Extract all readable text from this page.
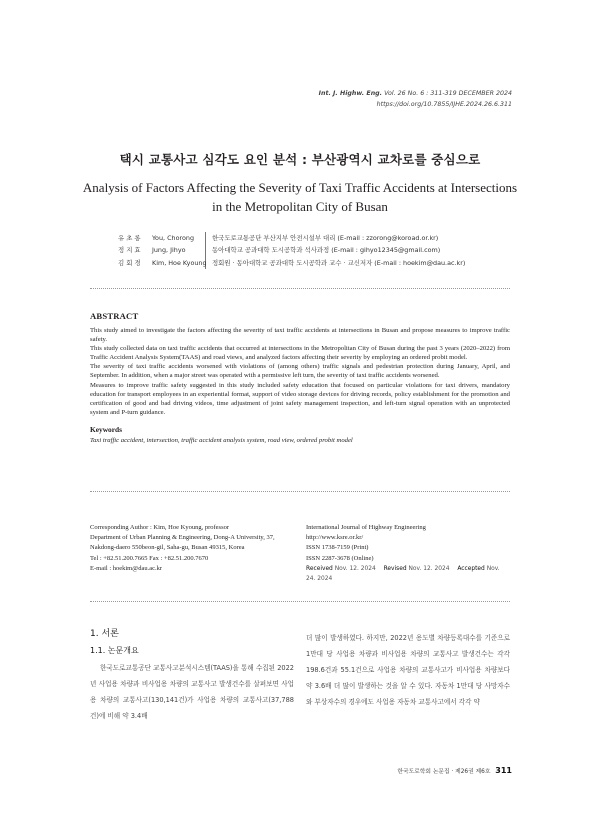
Int. J. Highw. Eng. Vol. 26 No. 6 : 311-319 DECEMBER 2024
https://doi.org/10.7855/IJHE.2024.26.6.311
택시 교통사고 심각도 요인 분석 : 부산광역시 교차로를 중심으로
Analysis of Factors Affecting the Severity of Taxi Traffic Accidents at Intersections
in the Metropolitan City of Busan
유 초 롱	You, Chorong	한국도로교통공단 부산지부 안전시설부 대리 (E-mail : zzorong@koroad.or.kr)
정 지 효	Jung, Jihyo	동아대학교 공과대학 도시공학과 석사과정 (E-mail : gihyo12345@gmail.com)
김 회 경	Kim, Hoe Kyoung 정회원 · 동아대학교 공과대학 도시공학과 교수 · 교신저자 (E-mail : hoekim@dau.ac.kr)
ABSTRACT

This study aimed to investigate the factors affecting the severity of taxi traffic accidents at intersections in Busan and propose measures to improve traffic safety.

This study collected data on taxi traffic accidents that occurred at intersections in the Metropolitan City of Busan during the past 3 years (2020–2022) from Traffic Accident Analysis System(TAAS) and road views, and analyzed factors affecting their severity by employing an ordered probit model.

The severity of taxi traffic accidents worsened with violations of (among others) traffic signals and pedestrian protection during January, April, and September. In addition, when a major street was operated with a permissive left turn, the severity of taxi traffic accidents worsened.

Measures to improve traffic safety suggested in this study included safety education that focused on particular violations for taxi drivers, mandatory education for transport employees in an experiential format, support of video storage devices for driving records, policy establishment for the promotion and certification of good and bad driving videos, time adjustment of joint safety management inspection, and left-turn signal operation with an unprotected system and P-turn guidance.

Keywords
Taxi traffic accident, intersection, traffic accident analysis system, road view, ordered probit model
Corresponding Author : Kim, Hoe Kyoung, professor
Department of Urban Planning & Engineering, Dong-A University, 37,
Nakdong-daero 550beon-gil, Saha-gu, Busan 49315, Korea
Tel : +82.51.200.7665 Fax : +82.51.200.7670
E-mail : hoekim@dau.ac.kr
International Journal of Highway Engineering
http://www.ksre.or.kr/
ISSN 1738-7159 (Print)
ISSN 2287-3678 (Online)
Received Nov. 12. 2024 Revised Nov. 12. 2024 Accepted Nov. 24. 2024
1. 서론
1.1. 논문개요

한국도로교통공단 교통사고분석시스템(TAAS)을 통해 수집된 2022년 사업용 차량과 비사업용 차량의 교통사고 발생건수를 살펴보면 사업용 차량의 교통사고(130,141건)가 사업용 차량의 교통사고(37,788건)에 비해 약 3.4배

더 많이 발생하였다. 하지만, 2022년 용도별 차량등록대수를 기준으로 1만대 당 사업용 차량과 비사업용 차량의 교통사고 발생건수는 각각 198.6건과 55.1건으로 사업용 차량의 교통사고가 비사업용 차량보다 약 3.6배 더 많이 발생하는 것을 알 수 있다. 자동차 1만대 당 사망자수와 부상자수의 경우에도 사업용 자동차 교통사고에서 각각 약

한국도로학회 논문집 · 제26권 제6호 311
